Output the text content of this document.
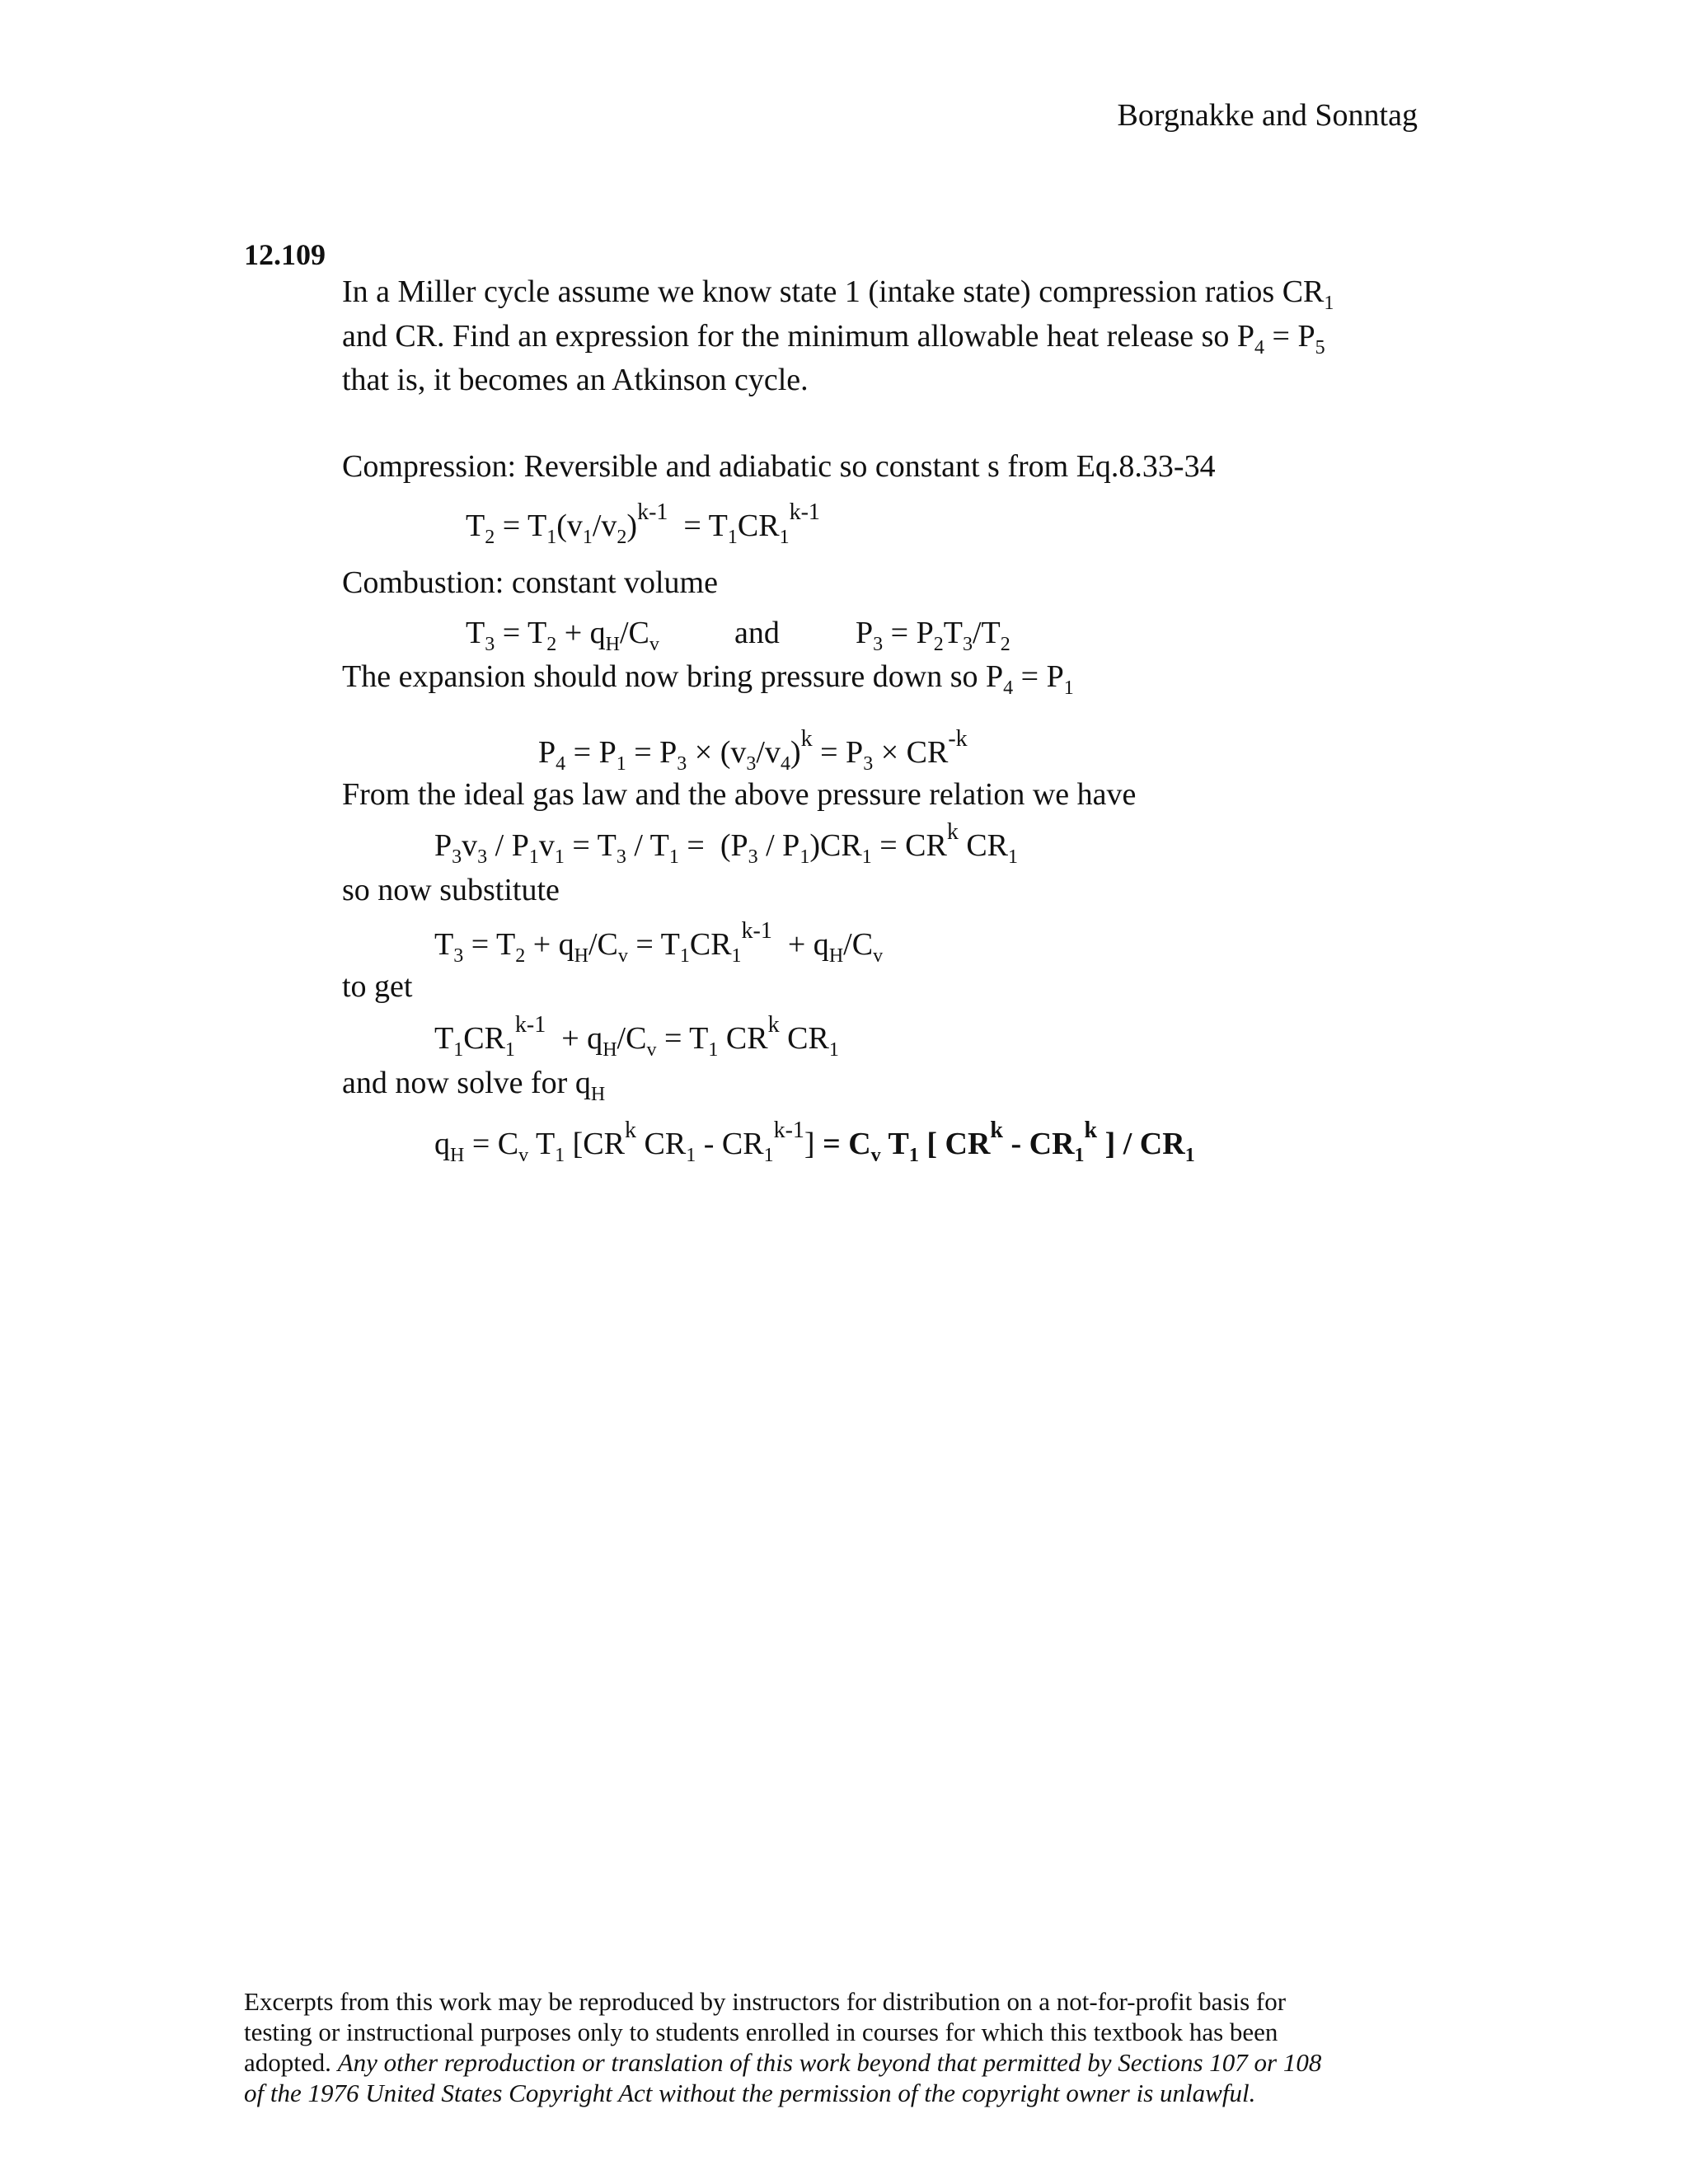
Borgnakke and Sonntag
12.109
In a Miller cycle assume we know state 1 (intake state) compression ratios $CR_1$
and CR. Find an expression for the minimum allowable heat release so $P_4 = P_5$
that is, it becomes an Atkinson cycle.
Compression: Reversible and adiabatic so constant s from Eq.8.33-34
$T_2 = T_1(v_1/v_2)^{k-1} = T_1CR_1^{k-1}$
Combustion: constant volume
$T_3 = T_2 + q_H/C_v$ and $P_3 = P_2T_3/T_2$
The expansion should now bring pressure down so $P_4 = P_1$
$P_4 = P_1 = P_3 \times (v_3/v_4)^k = P_3 \times CR^{-k}$
From the ideal gas law and the above pressure relation we have
$P_3v_3 / P_1v_1 = T_3 / T_1 = (P_3 / P_1)CR_1 = CR^k$ $CR_1$
so now substitute
$T_3 = T_2 + q_H/C_v = T_1CR_1^{k-1} + q_H/C_v$
to get
$T_1CR_1^{k-1} + q_H/C_v = T_1$ $CR^k$ $CR_1$
and now solve for $q_H$
$q_H = C_v$ $T_1$ [$CR^k$ $CR_1 - CR_1^{k-1}] = C_v$ $T_1$ [ $CR^k - CR_1^k$ ] / $CR_1$
Excerpts from this work may be reproduced by instructors for distribution on a not-for-profit basis for
testing or instructional purposes only to students enrolled in courses for which this textbook has been
adopted. Any other reproduction or translation of this work beyond that permitted by Sections 107 or 108
of the 1976 United States Copyright Act without the permission of the copyright owner is unlawful.
